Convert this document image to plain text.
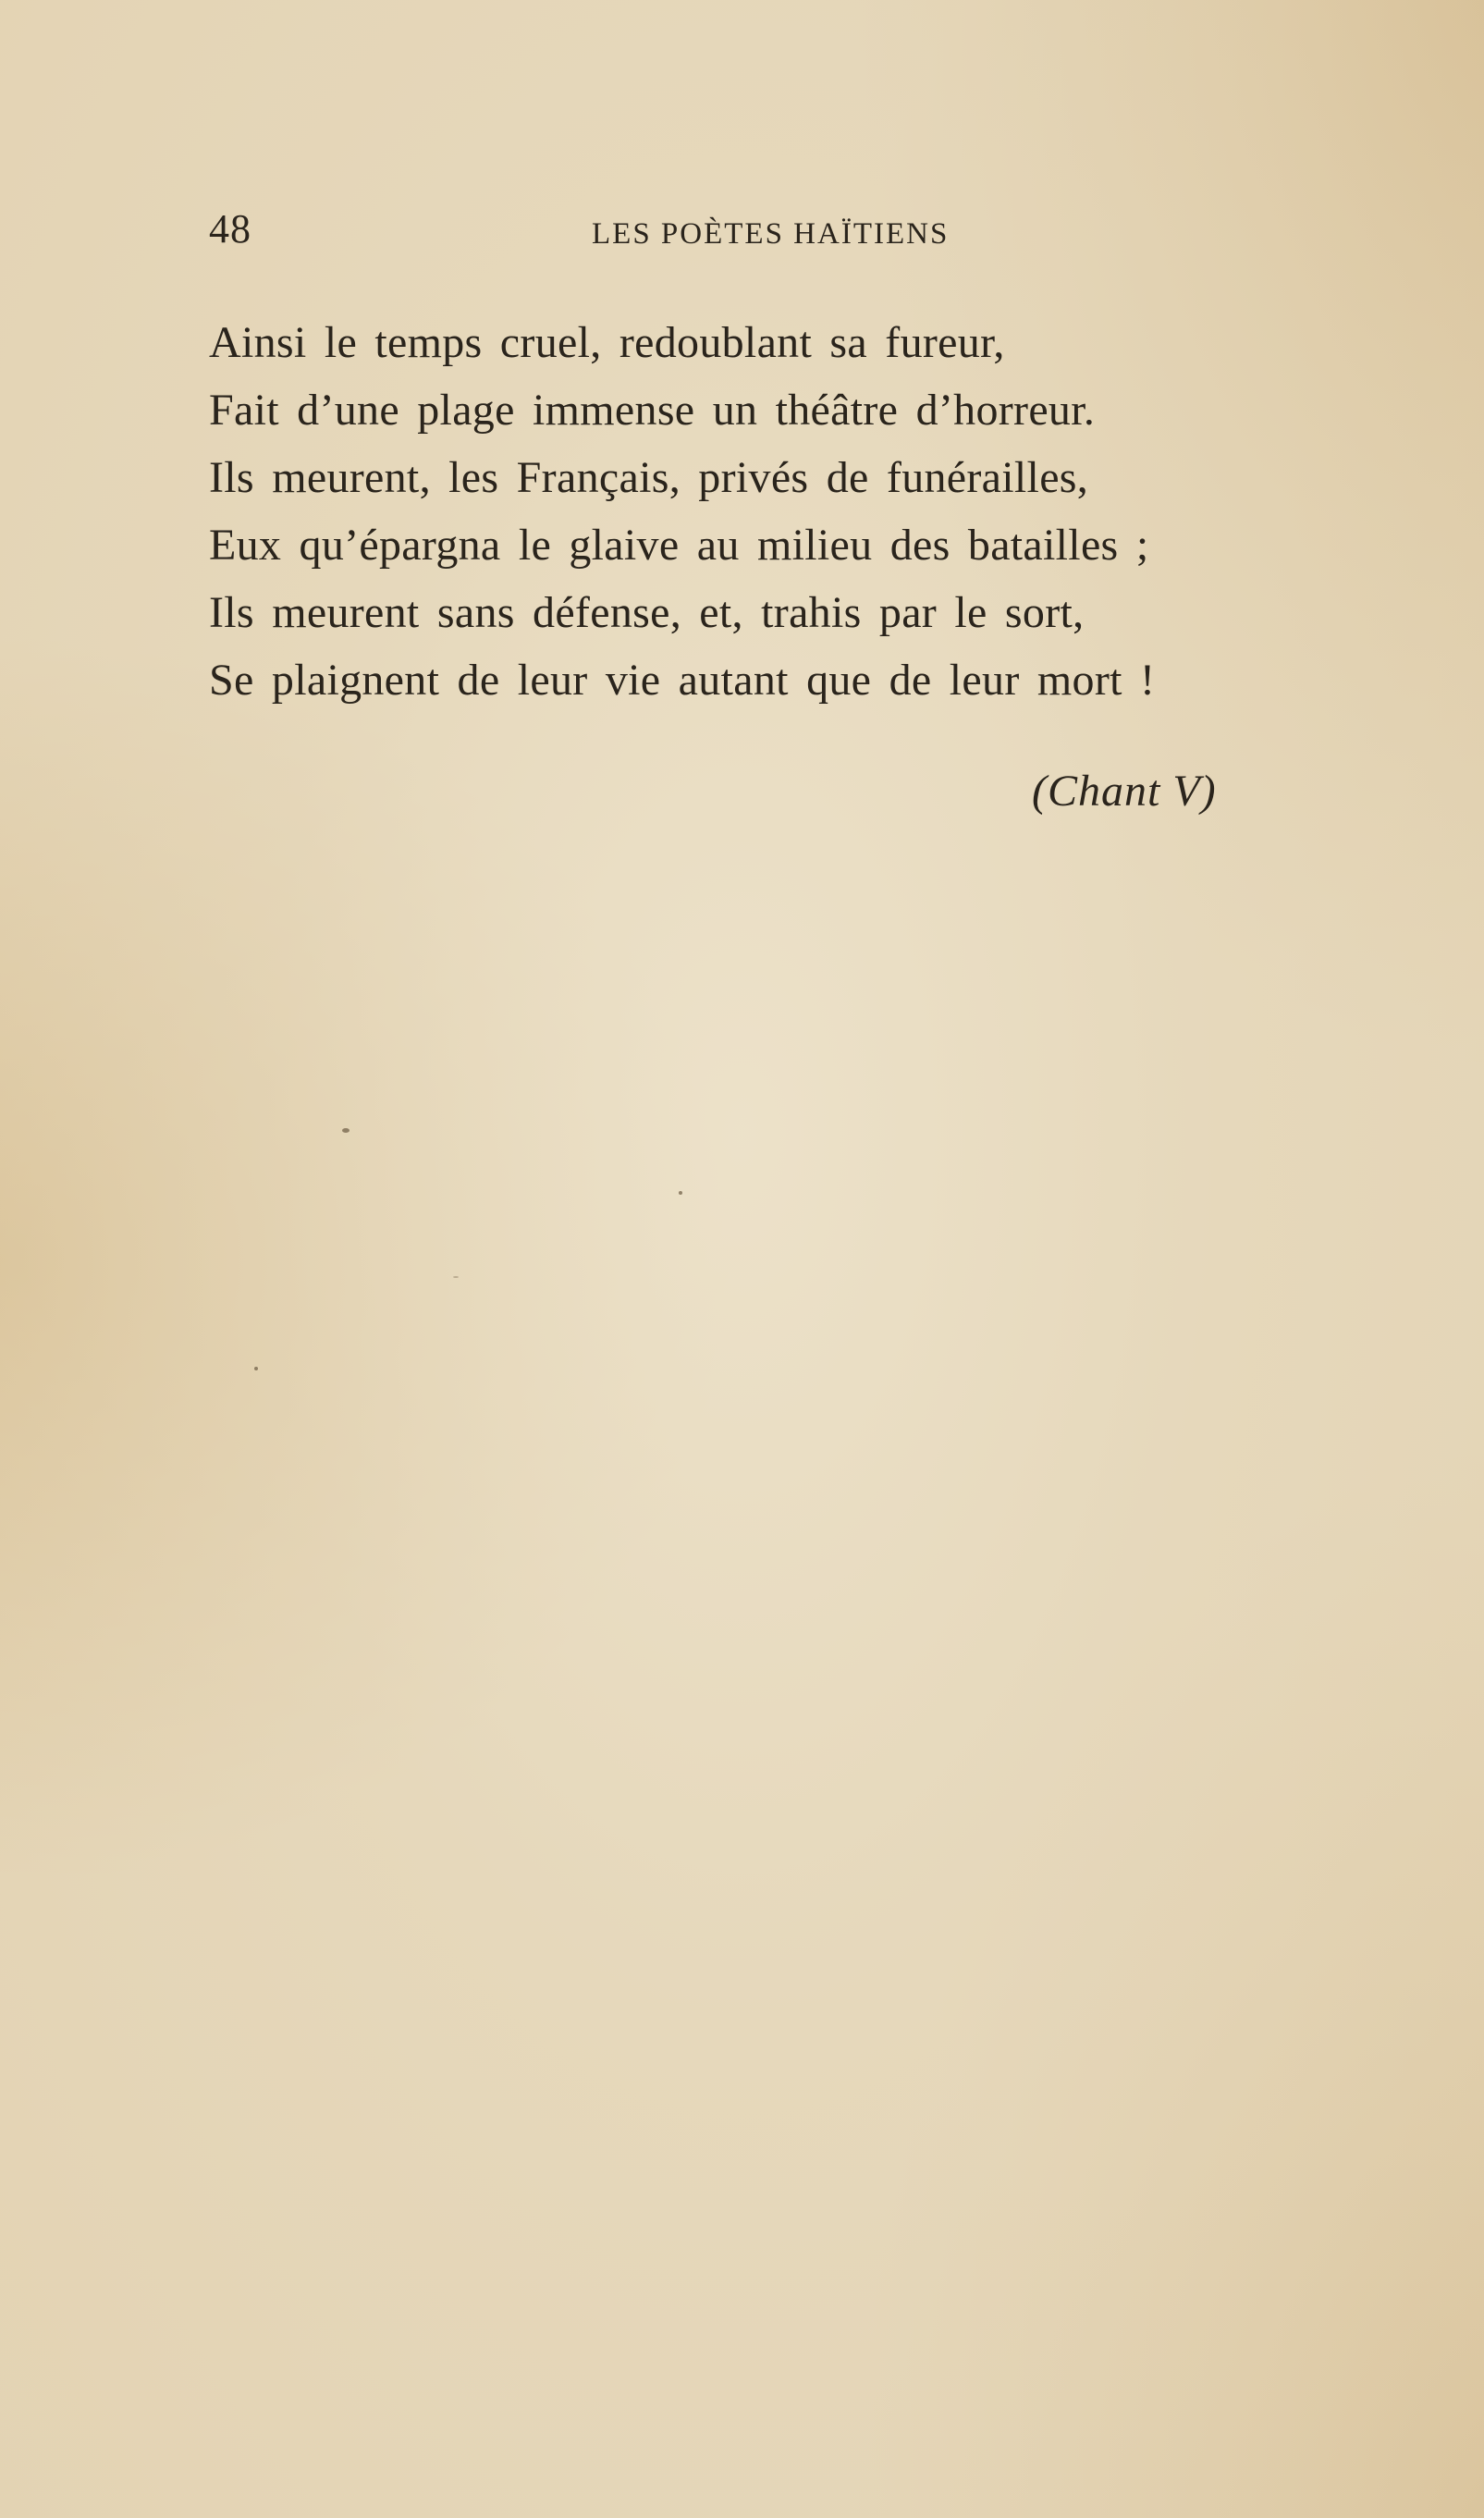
48	LES POÈTES HAÏTIENS
Ainsi le temps cruel, redoublant sa fureur,
Fait d’une plage immense un théâtre d’horreur.
Ils meurent, les Français, privés de funérailles,
Eux qu’épargna le glaive au milieu des batailles ;
Ils meurent sans défense, et, trahis par le sort,
Se plaignent de leur vie autant que de leur mort !
(Chant V)
